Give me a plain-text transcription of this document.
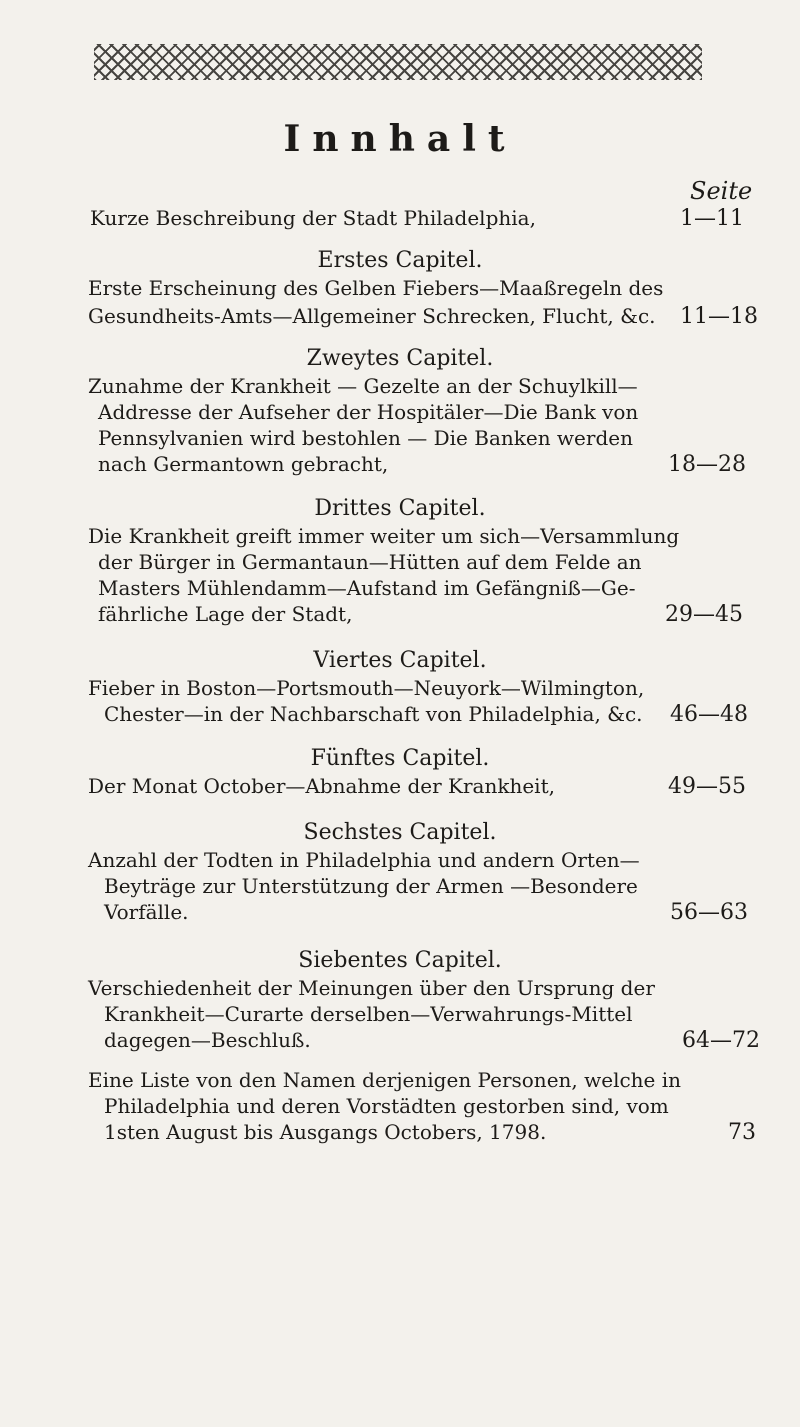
Innhalt
Seite
Kurze Beschreibung der Stadt Philadelphia,	1—11
Erstes Capitel.
Erste Erscheinung des Gelben Fiebers—Maaßregeln des
Gesundheits-Amts—Allgemeiner Schrecken, Flucht, &c. 11—18
Zweytes Capitel.
Zunahme der Krankheit — Gezelte an der Schuylkill—
Addresse der Aufseher der Hospitäler—Die Bank von
Pennsylvanien wird bestohlen — Die Banken werden
nach Germantown gebracht,	18—28
Drittes Capitel.
Die Krankheit greift immer weiter um sich—Versammlung
der Bürger in Germantaun—Hütten auf dem Felde an
Masters Mühlendamm—Aufstand im Gefängniß—Ge-
fährliche Lage der Stadt,	29—45
Viertes Capitel.
Fieber in Boston—Portsmouth—Neuyork—Wilmington,
Chester—in der Nachbarschaft von Philadelphia, &c. 46—48
Fünftes Capitel.
Der Monat October—Abnahme der Krankheit,	49—55
Sechstes Capitel.
Anzahl der Todten in Philadelphia und andern Orten—
Beyträge zur Unterstützung der Armen —Besondere
Vorfälle.	56—63
Siebentes Capitel.
Verschiedenheit der Meinungen über den Ursprung der
Krankheit—Curarte derselben—Verwahrungs-Mittel
dagegen—Beschluß.	64—72
Eine Liste von den Namen derjenigen Personen, welche in
Philadelphia und deren Vorstädten gestorben sind, vom
1sten August bis Ausgangs Octobers, 1798.	73
